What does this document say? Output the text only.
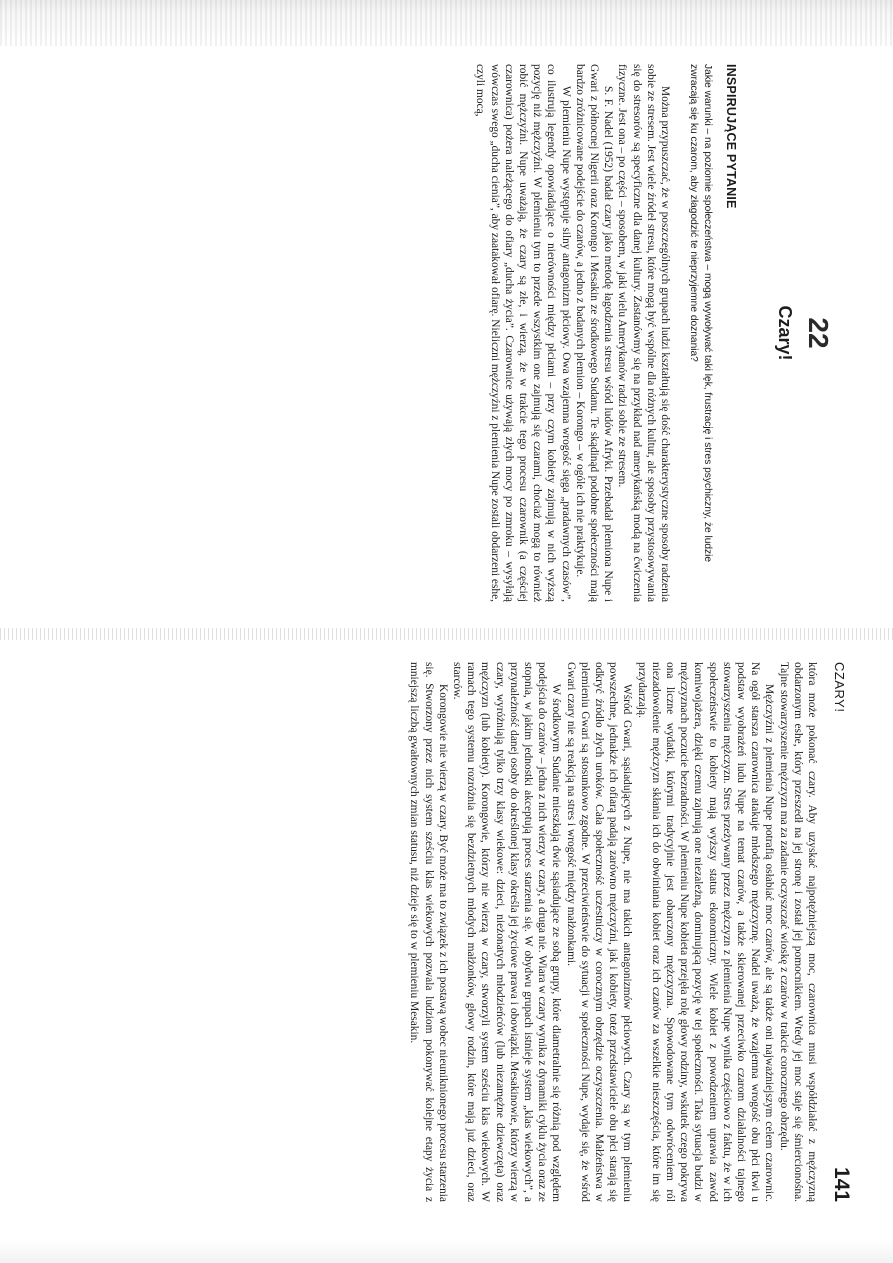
22
Czary!
INSPIRUJĄCE PYTANIE
Jakie warunki – na poziomie społeczeństwa – mogą wywoływać taki lęk, frustrację i stres psychiczny, że ludzie zwracają się ku czarom, aby złagodzić te nieprzyjemne doznania?

Można przypuszczać, że w poszczególnych grupach ludzi kształtują się dość charakterystyczne sposoby radzenia sobie ze stresem. Jest wiele źródeł stresu, które mogą być wspólne dla różnych kultur, ale sposoby przystosowywania się do stresorów są specyficzne dla danej kultury. Zastanówmy się na przykład nad amerykańską modą na ćwiczenia fizyczne. Jest ona – po części – sposobem, w jaki wielu Amerykanów radzi sobie ze stresem.

S. F. Nadel (1952) badał czary jako metodę łagodzenia stresu wśród ludów Afryki. Przebadał plemiona Nupe i Gwari z północnej Nigerii oraz Korongo i Mesakin ze środkowego Sudanu. Te skądinąd podobne społeczności mają bardzo zróżnicowane podejście do czarów, a jedno z badanych plemion – Korongo – w ogóle ich nie praktykuje.

W plemieniu Nupe występuje silny antagonizm płciowy. Owa wzajemna wrogość sięga „pradawnych czasów”, co ilustrują legendy opowiadające o nierówności między płciami – przy czym kobiety zajmują w nich wyższą pozycję niż mężczyźni. W plemieniu tym to przede wszystkim one zajmują się czarami, chociaż mogą to również robić mężczyźni. Nupe uważają, że czary są złe, i wierzą, że w trakcie tego procesu czarownik (a częściej czarownica) pożera należącego do ofiary „ducha życia”. Czarownice używają złych mocy po zmroku – wysyłają wówczas swego „ducha cienia”, aby zaatakował ofiarę. Nieliczni mężczyźni z plemienia Nupe zostali obdarzeni eshe, czyli mocą,

CZARY!
141

która może pokonać czary. Aby uzyskać najpotężniejszą moc, czarownica musi współdziałać z mężczyzną obdarzonym eshe, który przeszedł na jej stronę i został jej pomocnikiem. Wtedy jej moc staje się śmiercionośna. Tajne stowarzyszenie mężczyzn ma za zadanie oczyszczać wioskę z czarów w trakcie corocznego obrzędu.

Mężczyźni z plemienia Nupe potrafią osłabiać moc czarów, ale są także oni najważniejszym celem czarownic. Na ogół starsza czarownica atakuje młodszego mężczyznę. Nadel uważa, że wzajemna wrogość obu płci tkwi u podstaw wyobrażeń ludu Nupe na temat czarów, a także skierowanej przeciwko czarom działalności tajnego stowarzyszenia mężczyzn. Stres przeżywany przez mężczyzn z plemienia Nupe wynika częściowo z faktu, że w ich społeczeństwie to kobiety mają wyższy status ekonomiczny. Wiele kobiet z powodzeniem uprawia zawód komiwojażera, dzięki czemu zajmują one niezależną, dominującą pozycję w tej społeczności. Taka sytuacja budzi w mężczyznach poczucie bezradności. W plemieniu Nupe kobieta przejęła rolę głowy rodziny, wskutek czego pokrywa ona liczne wydatki, którymi tradycyjnie jest obarczony mężczyzna. Spowodowane tym odwróceniem ról niezadowolenie mężczyzn skłania ich do obwiniania kobiet oraz ich czarów za wszelkie nieszczęścia, które im się przydarzają.

Wśród Gwari, sąsiadujących z Nupe, nie ma takich antagonizmów płciowych. Czary są w tym plemieniu powszechne, jednakże ich ofiarą padają zarówno mężczyźni, jak i kobiety, toteż przedstawiciele obu płci starają się odkryć źródło złych uroków. Cała społeczność uczestniczy w corocznym obrzędzie oczyszczenia. Małżeństwa w plemieniu Gwari są stosunkowo zgodne. W przeciwieństwie do sytuacji w społeczności Nupe, wydaje się, że wśród Gwari czary nie są reakcją na stres i wrogość między małżonkami.

W środkowym Sudanie mieszkają dwie sąsiadujące ze sobą grupy, które diametralnie się różnią pod względem podejścia do czarów – jedna z nich wierzy w czary, a druga nie. Wiara w czary wynika z dynamiki cyklu życia oraz ze stopnia, w jakim jednostki akceptują proces starzenia się. W obydwu grupach istnieje system „klas wiekowych”, a przynależność danej osoby do określonej klasy określa jej życiowe prawa i obowiązki. Mesakinowie, którzy wierzą w czary, wyróżniają tylko trzy klasy wiekowe: dzieci, nieżonatych młodzieńców (lub niezamężne dziewczęta) oraz mężczyzn (lub kobiety). Korongowie, którzy nie wierzą w czary, stworzyli system sześciu klas wiekowych. W ramach tego systemu rozróżnia się bezdzietnych młodych małżonków, głowy rodzin, które mają już dzieci, oraz starców.

Korongowie nie wierzą w czary. Być może ma to związek z ich postawą wobec nieuniknionego procesu starzenia się. Stworzony przez nich system sześciu klas wiekowych pozwala ludziom pokonywać kolejne etapy życia z mniejszą liczbą gwałtownych zmian statusu, niż dzieje się to w plemieniu Mesakin.
